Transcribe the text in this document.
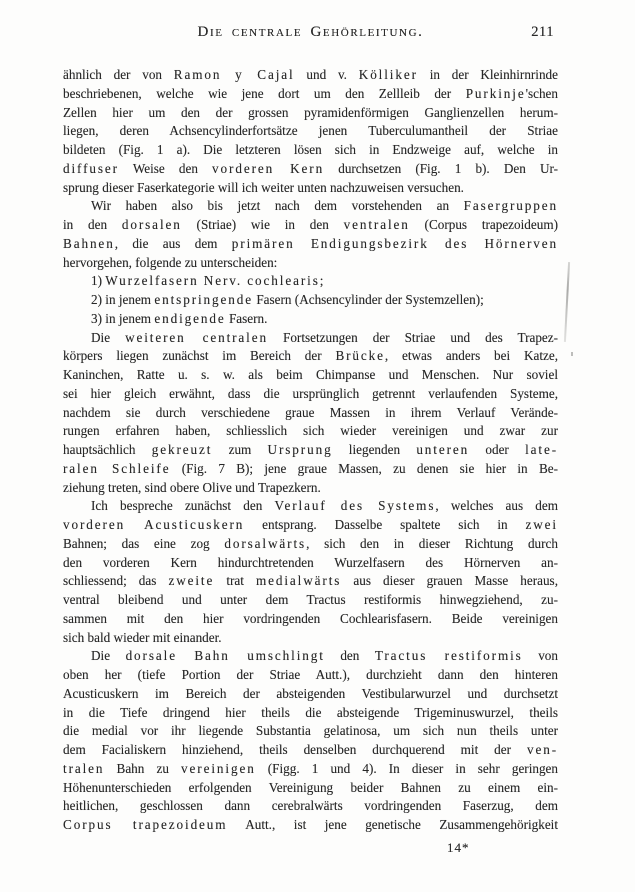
Die centrale Gehörleitung.	211
ähnlich der von Ramon y Cajal und v. Kölliker in der Kleinhirnrinde
beschriebenen, welche wie jene dort um den Zellleib der Purkinje'schen
Zellen hier um den der grossen pyramidenförmigen Ganglienzellen herum-
liegen, deren Achsencylinderfortsätze jenen Tuberculumantheil der Striae
bildeten (Fig. 1 a). Die letzteren lösen sich in Endzweige auf, welche in
diffuser Weise den vorderen Kern durchsetzen (Fig. 1 b). Den Ur-
sprung dieser Faserkategorie will ich weiter unten nachzuweisen versuchen.
Wir haben also bis jetzt nach dem vorstehenden an Fasergruppen
in den dorsalen (Striae) wie in den ventralen (Corpus trapezoideum)
Bahnen, die aus dem primären Endigungsbezirk des Hörnerven
hervorgehen, folgende zu unterscheiden:
1) Wurzelfasern Nerv. cochlearis;
2) in jenem entspringende Fasern (Achsencylinder der Systemzellen);
3) in jenem endigende Fasern.
Die weiteren centralen Fortsetzungen der Striae und des Trapez-
körpers liegen zunächst im Bereich der Brücke, etwas anders bei Katze,
Kaninchen, Ratte u. s. w. als beim Chimpanse und Menschen. Nur soviel
sei hier gleich erwähnt, dass die ursprünglich getrennt verlaufenden Systeme,
nachdem sie durch verschiedene graue Massen in ihrem Verlauf Verände-
rungen erfahren haben, schliesslich sich wieder vereinigen und zwar zur
hauptsächlich gekreuzt zum Ursprung liegenden unteren oder late-
ralen Schleife (Fig. 7 B); jene graue Massen, zu denen sie hier in Be-
ziehung treten, sind obere Olive und Trapezkern.
Ich bespreche zunächst den Verlauf des Systems, welches aus dem
vorderen Acusticuskern entsprang. Dasselbe spaltete sich in zwei
Bahnen; das eine zog dorsalwärts, sich den in dieser Richtung durch
den vorderen Kern hindurchtretenden Wurzelfasern des Hörnerven an-
schliessend; das zweite trat medialwärts aus dieser grauen Masse heraus,
ventral bleibend und unter dem Tractus restiformis hinwegziehend, zu-
sammen mit den hier vordringenden Cochlearisfasern. Beide vereinigen
sich bald wieder mit einander.
Die dorsale Bahn umschlingt den Tractus restiformis von
oben her (tiefe Portion der Striae Autt.), durchzieht dann den hinteren
Acusticuskern im Bereich der absteigenden Vestibularwurzel und durchsetzt
in die Tiefe dringend hier theils die absteigende Trigeminuswurzel, theils
die medial vor ihr liegende Substantia gelatinosa, um sich nun theils unter
dem Facialiskern hinziehend, theils denselben durchquerend mit der ven-
tralen Bahn zu vereinigen (Figg. 1 und 4). In dieser in sehr geringen
Höhenunterschieden erfolgenden Vereinigung beider Bahnen zu einem ein-
heitlichen, geschlossen dann cerebralwärts vordringenden Faserzug, dem
Corpus trapezoideum Autt., ist jene genetische Zusammengehörigkeit
14*
